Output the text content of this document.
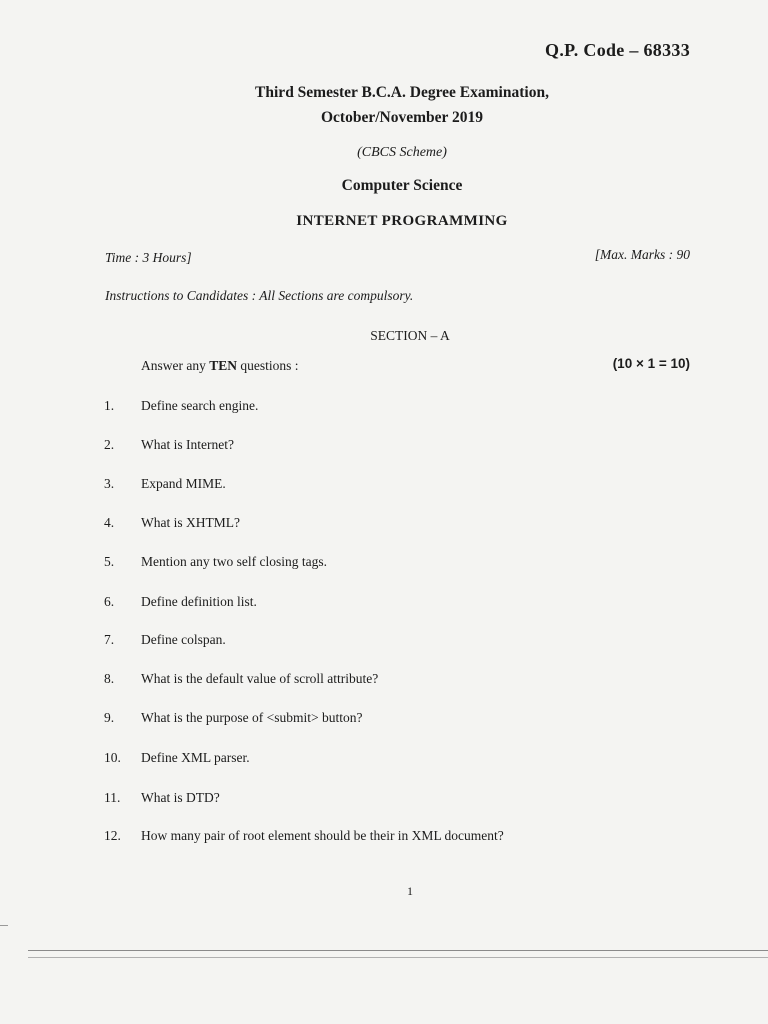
Q.P. Code – 68333
Third Semester B.C.A. Degree Examination,
October/November 2019
(CBCS Scheme)
Computer Science
INTERNET PROGRAMMING
Time : 3 Hours]	[Max. Marks : 90
Instructions to Candidates : All Sections are compulsory.
SECTION – A
Answer any TEN questions :	(10 × 1 = 10)
1. Define search engine.
2. What is Internet?
3. Expand MIME.
4. What is XHTML?
5. Mention any two self closing tags.
6. Define definition list.
7. Define colspan.
8. What is the default value of scroll attribute?
9. What is the purpose of <submit> button?
10. Define XML parser.
11. What is DTD?
12. How many pair of root element should be their in XML document?
1
